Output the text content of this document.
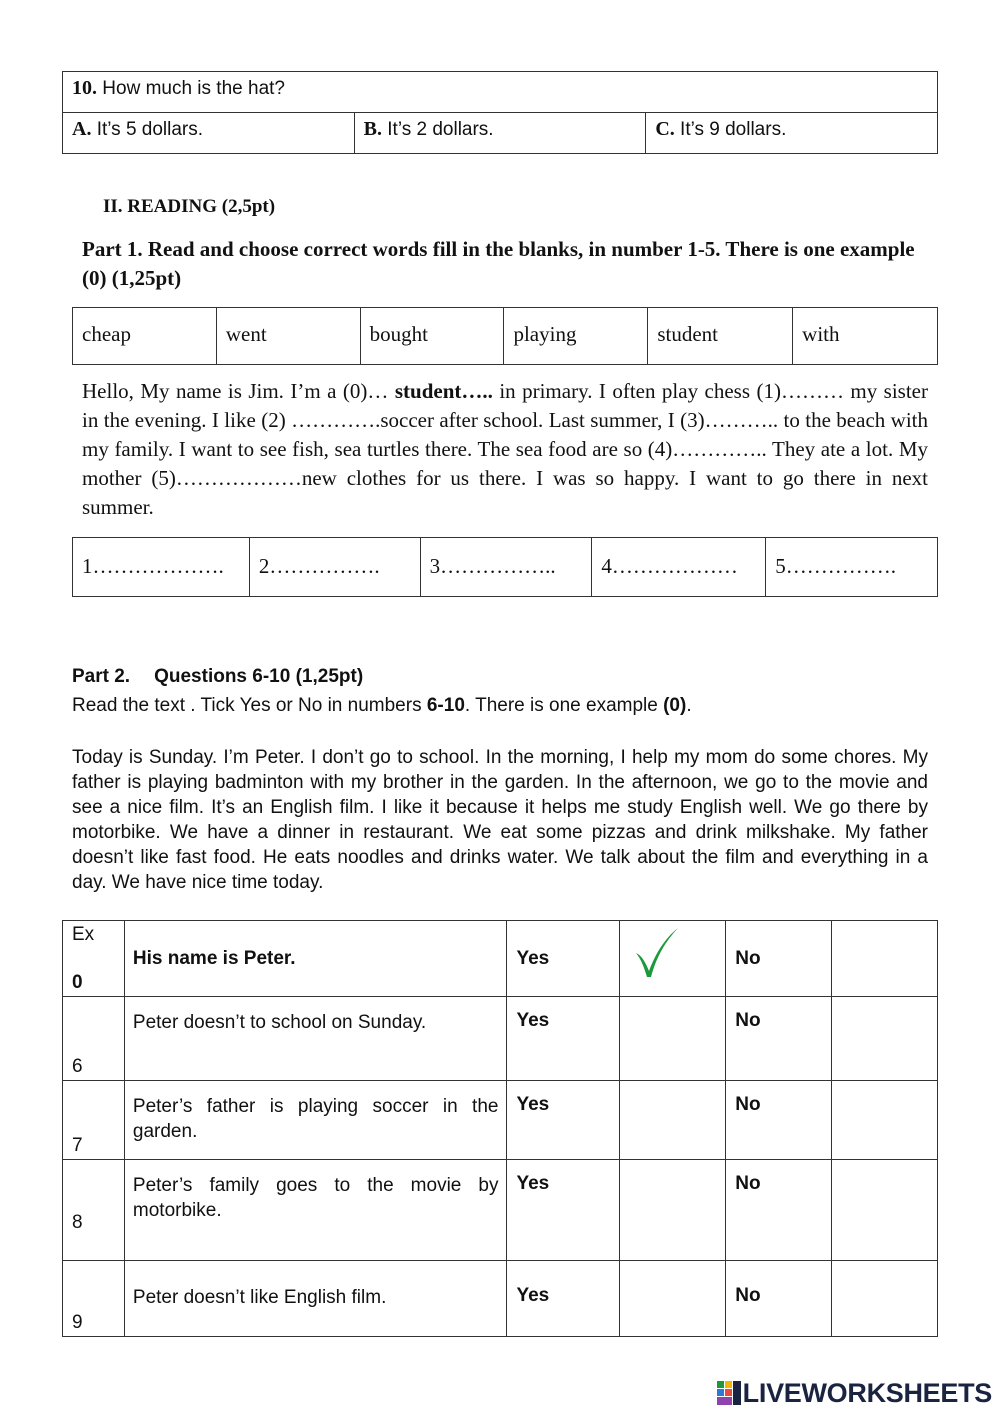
10. How much is the hat?
A. It’s 5 dollars.	B. It’s 2 dollars.	C. It’s 9 dollars.
II. READING (2,5pt)
Part 1. Read and choose correct words fill in the blanks, in number 1-5. There is one example (0) (1,25pt)
cheap	went	bought	playing	student	with
Hello, My name is Jim. I’m a (0)… student….. in primary. I often play chess (1)……… my sister in the evening. I like (2) ………….soccer after school. Last summer, I (3)……….. to the beach with my family. I want to see fish, sea turtles there. The sea food are so (4)………….. They ate a lot. My mother (5)………………new clothes for us there. I was so happy. I want to go there in next summer.
1……………….	2…………….	3……………..	4………………	5…………….
Part 2. Questions 6-10 (1,25pt)
Read the text . Tick Yes or No in numbers 6-10. There is one example (0).
Today is Sunday. I’m Peter. I don’t go to school. In the morning, I help my mom do some chores. My father is playing badminton with my brother in the garden. In the afternoon, we go to the movie and see a nice film. It’s an English film. I like it because it helps me study English well. We go there by motorbike. We have a dinner in restaurant. We eat some pizzas and drink milkshake. My father doesn’t like fast food. He eats noodles and drinks water. We talk about the film and everything in a day. We have nice time today.
Ex
0	His name is Peter.	Yes		No	

6	Peter doesn’t to school on Sunday.	Yes		No	

7	Peter’s father is playing soccer in the garden.	Yes		No	

8	Peter’s family goes to the movie by motorbike.	Yes		No	

9	Peter doesn’t like English film.	Yes		No	
LIVEWORKSHEETS
